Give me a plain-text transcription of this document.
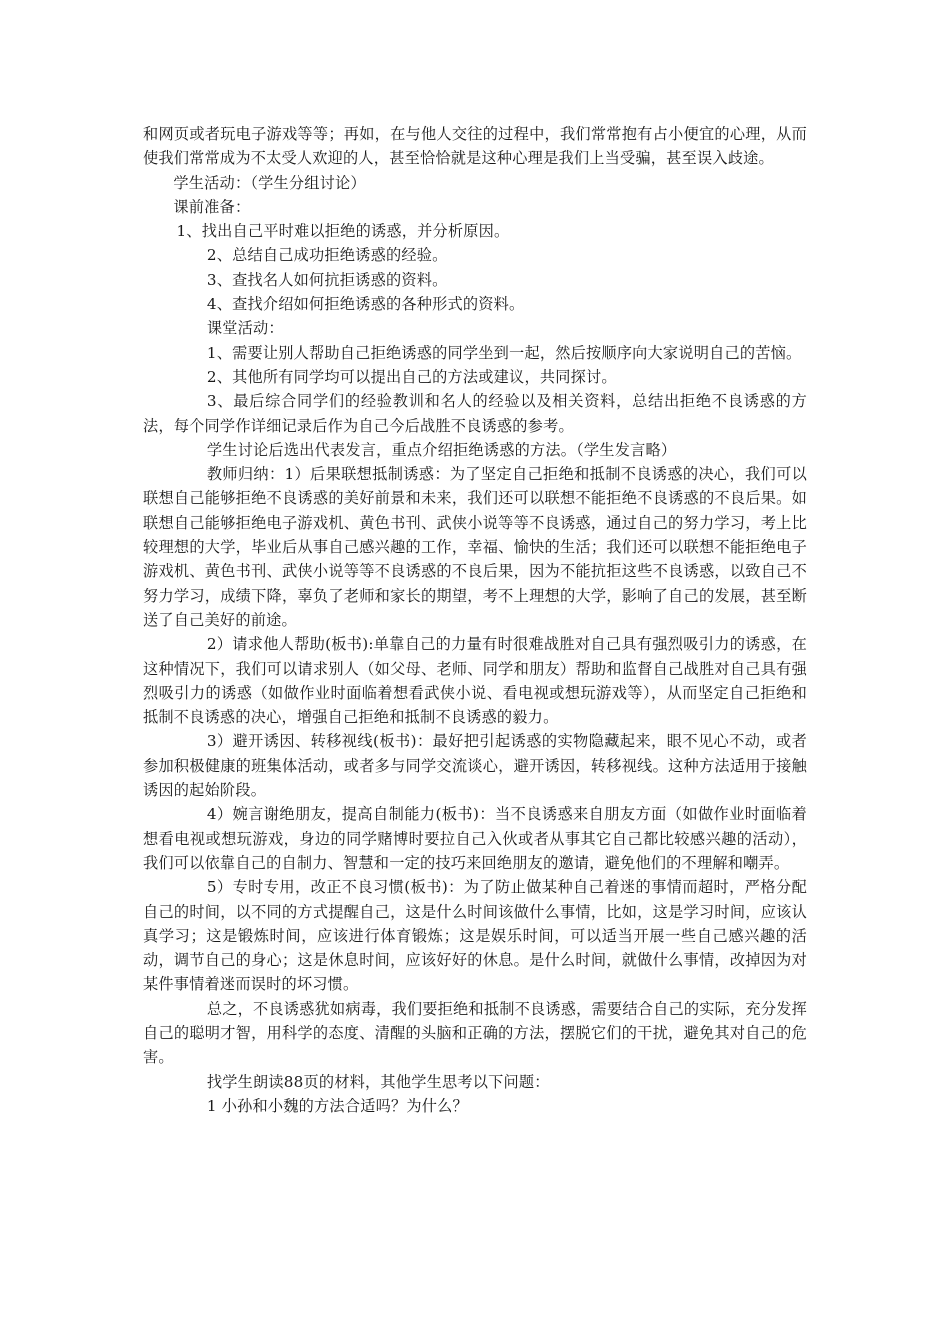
和网页或者玩电子游戏等等；再如，在与他人交往的过程中，我们常常抱有占小便宜的心理，从而使我们常常成为不太受人欢迎的人，甚至恰恰就是这种心理是我们上当受骗，甚至误入歧途。

学生活动：（学生分组讨论）

课前准备：

1、找出自己平时难以拒绝的诱惑，并分析原因。

2、总结自己成功拒绝诱惑的经验。

3、查找名人如何抗拒诱惑的资料。

4、查找介绍如何拒绝诱惑的各种形式的资料。

课堂活动：

1、需要让别人帮助自己拒绝诱惑的同学坐到一起，然后按顺序向大家说明自己的苦恼。

2、其他所有同学均可以提出自己的方法或建议，共同探讨。

3、最后综合同学们的经验教训和名人的经验以及相关资料，总结出拒绝不良诱惑的方法，每个同学作详细记录后作为自己今后战胜不良诱惑的参考。

学生讨论后选出代表发言，重点介绍拒绝诱惑的方法。（学生发言略）

教师归纳：1）后果联想抵制诱惑：为了坚定自己拒绝和抵制不良诱惑的决心，我们可以联想自己能够拒绝不良诱惑的美好前景和未来，我们还可以联想不能拒绝不良诱惑的不良后果。如联想自己能够拒绝电子游戏机、黄色书刊、武侠小说等等不良诱惑，通过自己的努力学习，考上比较理想的大学，毕业后从事自己感兴趣的工作，幸福、愉快的生活；我们还可以联想不能拒绝电子游戏机、黄色书刊、武侠小说等等不良诱惑的不良后果，因为不能抗拒这些不良诱惑，以致自己不努力学习，成绩下降，辜负了老师和家长的期望，考不上理想的大学，影响了自己的发展，甚至断送了自己美好的前途。

2）请求他人帮助(板书):单靠自己的力量有时很难战胜对自己具有强烈吸引力的诱惑，在这种情况下，我们可以请求别人（如父母、老师、同学和朋友）帮助和监督自己战胜对自己具有强烈吸引力的诱惑（如做作业时面临着想看武侠小说、看电视或想玩游戏等），从而坚定自己拒绝和抵制不良诱惑的决心，增强自己拒绝和抵制不良诱惑的毅力。

3）避开诱因、转移视线(板书)：最好把引起诱惑的实物隐藏起来，眼不见心不动，或者参加积极健康的班集体活动，或者多与同学交流谈心，避开诱因，转移视线。这种方法适用于接触诱因的起始阶段。

4）婉言谢绝朋友，提高自制能力(板书)：当不良诱惑来自朋友方面（如做作业时面临着想看电视或想玩游戏，身边的同学赌博时要拉自己入伙或者从事其它自己都比较感兴趣的活动），我们可以依靠自己的自制力、智慧和一定的技巧来回绝朋友的邀请，避免他们的不理解和嘲弄。

5）专时专用，改正不良习惯(板书)：为了防止做某种自己着迷的事情而超时，严格分配自己的时间，以不同的方式提醒自己，这是什么时间该做什么事情，比如，这是学习时间，应该认真学习；这是锻炼时间，应该进行体育锻炼；这是娱乐时间，可以适当开展一些自己感兴趣的活动，调节自己的身心；这是休息时间，应该好好的休息。是什么时间，就做什么事情，改掉因为对某件事情着迷而误时的坏习惯。

总之，不良诱惑犹如病毒，我们要拒绝和抵制不良诱惑，需要结合自己的实际，充分发挥自己的聪明才智，用科学的态度、清醒的头脑和正确的方法，摆脱它们的干扰，避免其对自己的危害。

找学生朗读88页的材料，其他学生思考以下问题：

1 小孙和小魏的方法合适吗？为什么？
